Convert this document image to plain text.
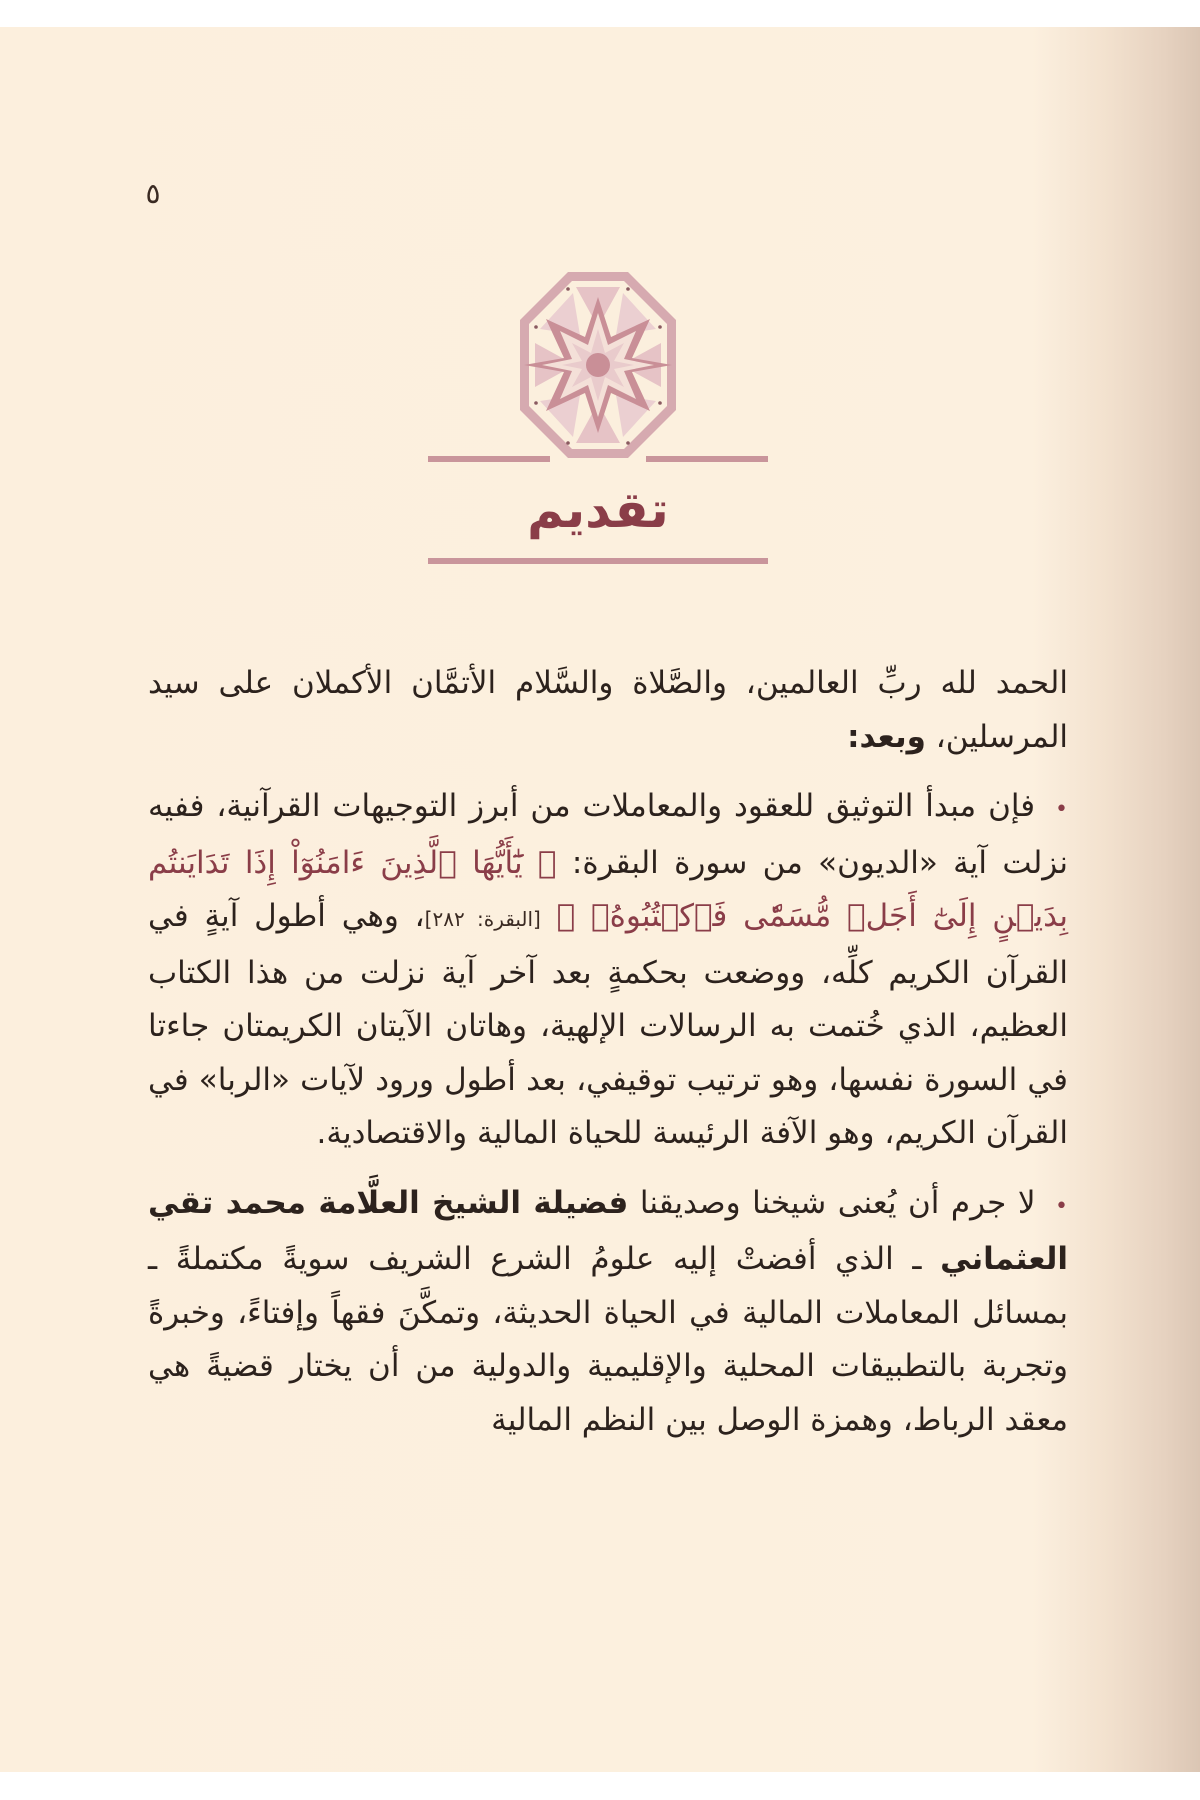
٥
تقديم

الحمد لله ربِّ العالمين، والصَّلاة والسَّلام الأتمَّان الأكملان على سيد المرسلين، وبعد:

• فإن مبدأ التوثيق للعقود والمعاملات من أبرز التوجيهات القرآنية، ففيه نزلت آية «الديون» من سورة البقرة: ﴿ يَٰٓأَيُّهَا ٱلَّذِينَ ءَامَنُوٓاْ إِذَا تَدَايَنتُم بِدَيۡنٍ إِلَىٰٓ أَجَلٖ مُّسَمّٗى فَٱكۡتُبُوهُۚ ﴾ [البقرة: ٢٨٢]، وهي أطول آيةٍ في القرآن الكريم كلِّه، ووضعت بحكمةٍ بعد آخر آية نزلت من هذا الكتاب العظيم، الذي خُتمت به الرسالات الإلهية، وهاتان الآيتان الكريمتان جاءتا في السورة نفسها، وهو ترتيب توقيفي، بعد أطول ورود لآيات «الربا» في القرآن الكريم، وهو الآفة الرئيسة للحياة المالية والاقتصادية.

• لا جرم أن يُعنى شيخنا وصديقنا فضيلة الشيخ العلَّامة محمد تقي العثماني ـ الذي أفضتْ إليه علومُ الشرع الشريف سويةً مكتملةً ـ بمسائل المعاملات المالية في الحياة الحديثة، وتمكَّنَ فقهاً وإفتاءً، وخبرةً وتجربة بالتطبيقات المحلية والإقليمية والدولية من أن يختار قضيةً هي معقد الرباط، وهمزة الوصل بين النظم المالية
